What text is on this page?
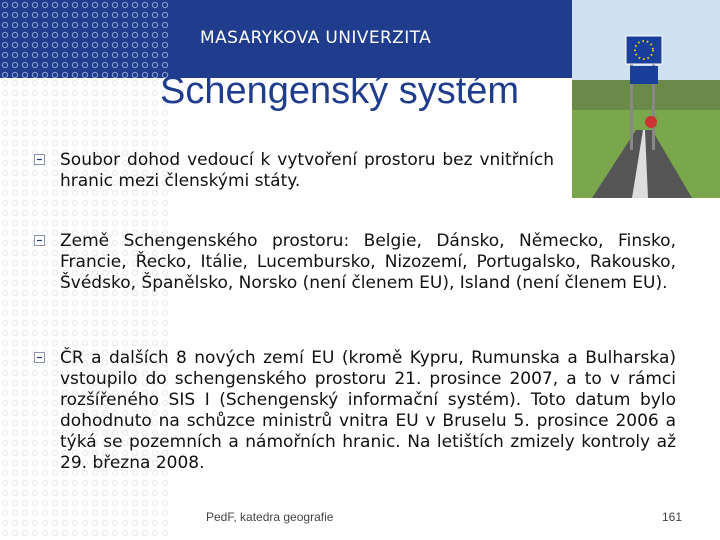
MASARYKOVA UNIVERZITA
Schengenský systém
Soubor dohod vedoucí k vytvoření prostoru bez vnitřních hranic mezi členskými státy.
Země Schengenského prostoru: Belgie, Dánsko, Německo, Finsko, Francie, Řecko, Itálie, Lucembursko, Nizozemí, Portugalsko, Rakousko, Švédsko, Španělsko, Norsko (není členem EU), Island (není členem EU).
ČR a dalších 8 nových zemí EU (kromě Kypru, Rumunska a Bulharska) vstoupilo do schengenského prostoru 21. prosince 2007, a to v rámci rozšířeného SIS I (Schengenský informační systém). Toto datum bylo dohodnuto na schůzce ministrů vnitra EU v Bruselu 5. prosince 2006 a týká se pozemních a námořních hranic. Na letištích zmizely kontroly až 29. března 2008.
PedF, katedra geografie	161
